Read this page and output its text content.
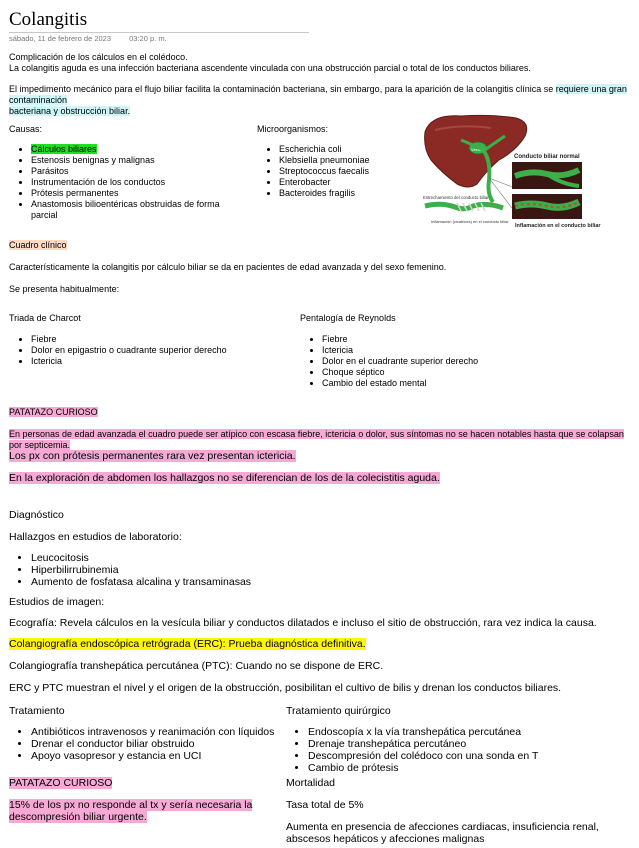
Colangitis
sábado, 11 de febrero de 2023 03:20 p. m.
Complicación de los cálculos en el colédoco.
La colangitis aguda es una infección bacteriana ascendente vinculada con una obstrucción parcial o total de los conductos biliares.
El impedimento mecánico para el flujo biliar facilita la contaminación bacteriana, sin embargo, para la aparición de la colangitis clínica se requiere una gran contaminación
bacteriana y obstrucción biliar.
Causas:
• Cálculos biliares
• Estenosis benignas y malignas
• Parásitos
• Instrumentación de los conductos
• Prótesis permanentes
• Anastomosis bilioentéricas obstruidas de forma parcial
Microorganismos:
• Escherichia coli
• Klebsiella pneumoniae
• Streptococcus faecalis
• Enterobacter
• Bacteroides fragilis
Vesícula
Conducto biliar normal
Inflamación en el conducto biliar
Estrechamiento del conducto biliar
Inflamación (cicatrices) en el conducto biliar
Cuadro clínico
Característicamente la colangitis por cálculo biliar se da en pacientes de edad avanzada y del sexo femenino.
Se presenta habitualmente:
Triada de Charcot
• Fiebre
• Dolor en epigastrio o cuadrante superior derecho
• Ictericia
Pentalogía de Reynolds
• Fiebre
• Ictericia
• Dolor en el cuadrante superior derecho
• Choque séptico
• Cambio del estado mental
PATATAZO CURIOSO
En personas de edad avanzada el cuadro puede ser atípico con escasa fiebre, ictericia o dolor, sus síntomas no se hacen notables hasta que se colapsan por septicemia.
Los px con prótesis permanentes rara vez presentan ictericia.
En la exploración de abdomen los hallazgos no se diferencian de los de la colecistitis aguda.
Diagnóstico
Hallazgos en estudios de laboratorio:
• Leucocitosis
• Hiperbilirrubinemia
• Aumento de fosfatasa alcalina y transaminasas
Estudios de imagen:
Ecografía: Revela cálculos en la vesícula biliar y conductos dilatados e incluso el sitio de obstrucción, rara vez indica la causa.
Colangiografía endoscópica retrógrada (ERC): Prueba diagnóstica definitiva.
Colangiografía transhepática percutánea (PTC): Cuando no se dispone de ERC.
ERC y PTC muestran el nivel y el origen de la obstrucción, posibilitan el cultivo de bilis y drenan los conductos biliares.
Tratamiento
• Antibióticos intravenosos y reanimación con líquidos
• Drenar el conductor biliar obstruido
• Apoyo vasopresor y estancia en UCI
Tratamiento quirúrgico
• Endoscopía x la vía transhepática percutánea
• Drenaje transhepática percutáneo
• Descompresión del colédoco con una sonda en T
• Cambio de prótesis
PATATAZO CURIOSO
15% de los px no responde al tx y sería necesaria la
descompresión biliar urgente.
Mortalidad
Tasa total de 5%
Aumenta en presencia de afecciones cardiacas, insuficiencia renal,
abscesos hepáticos y afecciones malignas
